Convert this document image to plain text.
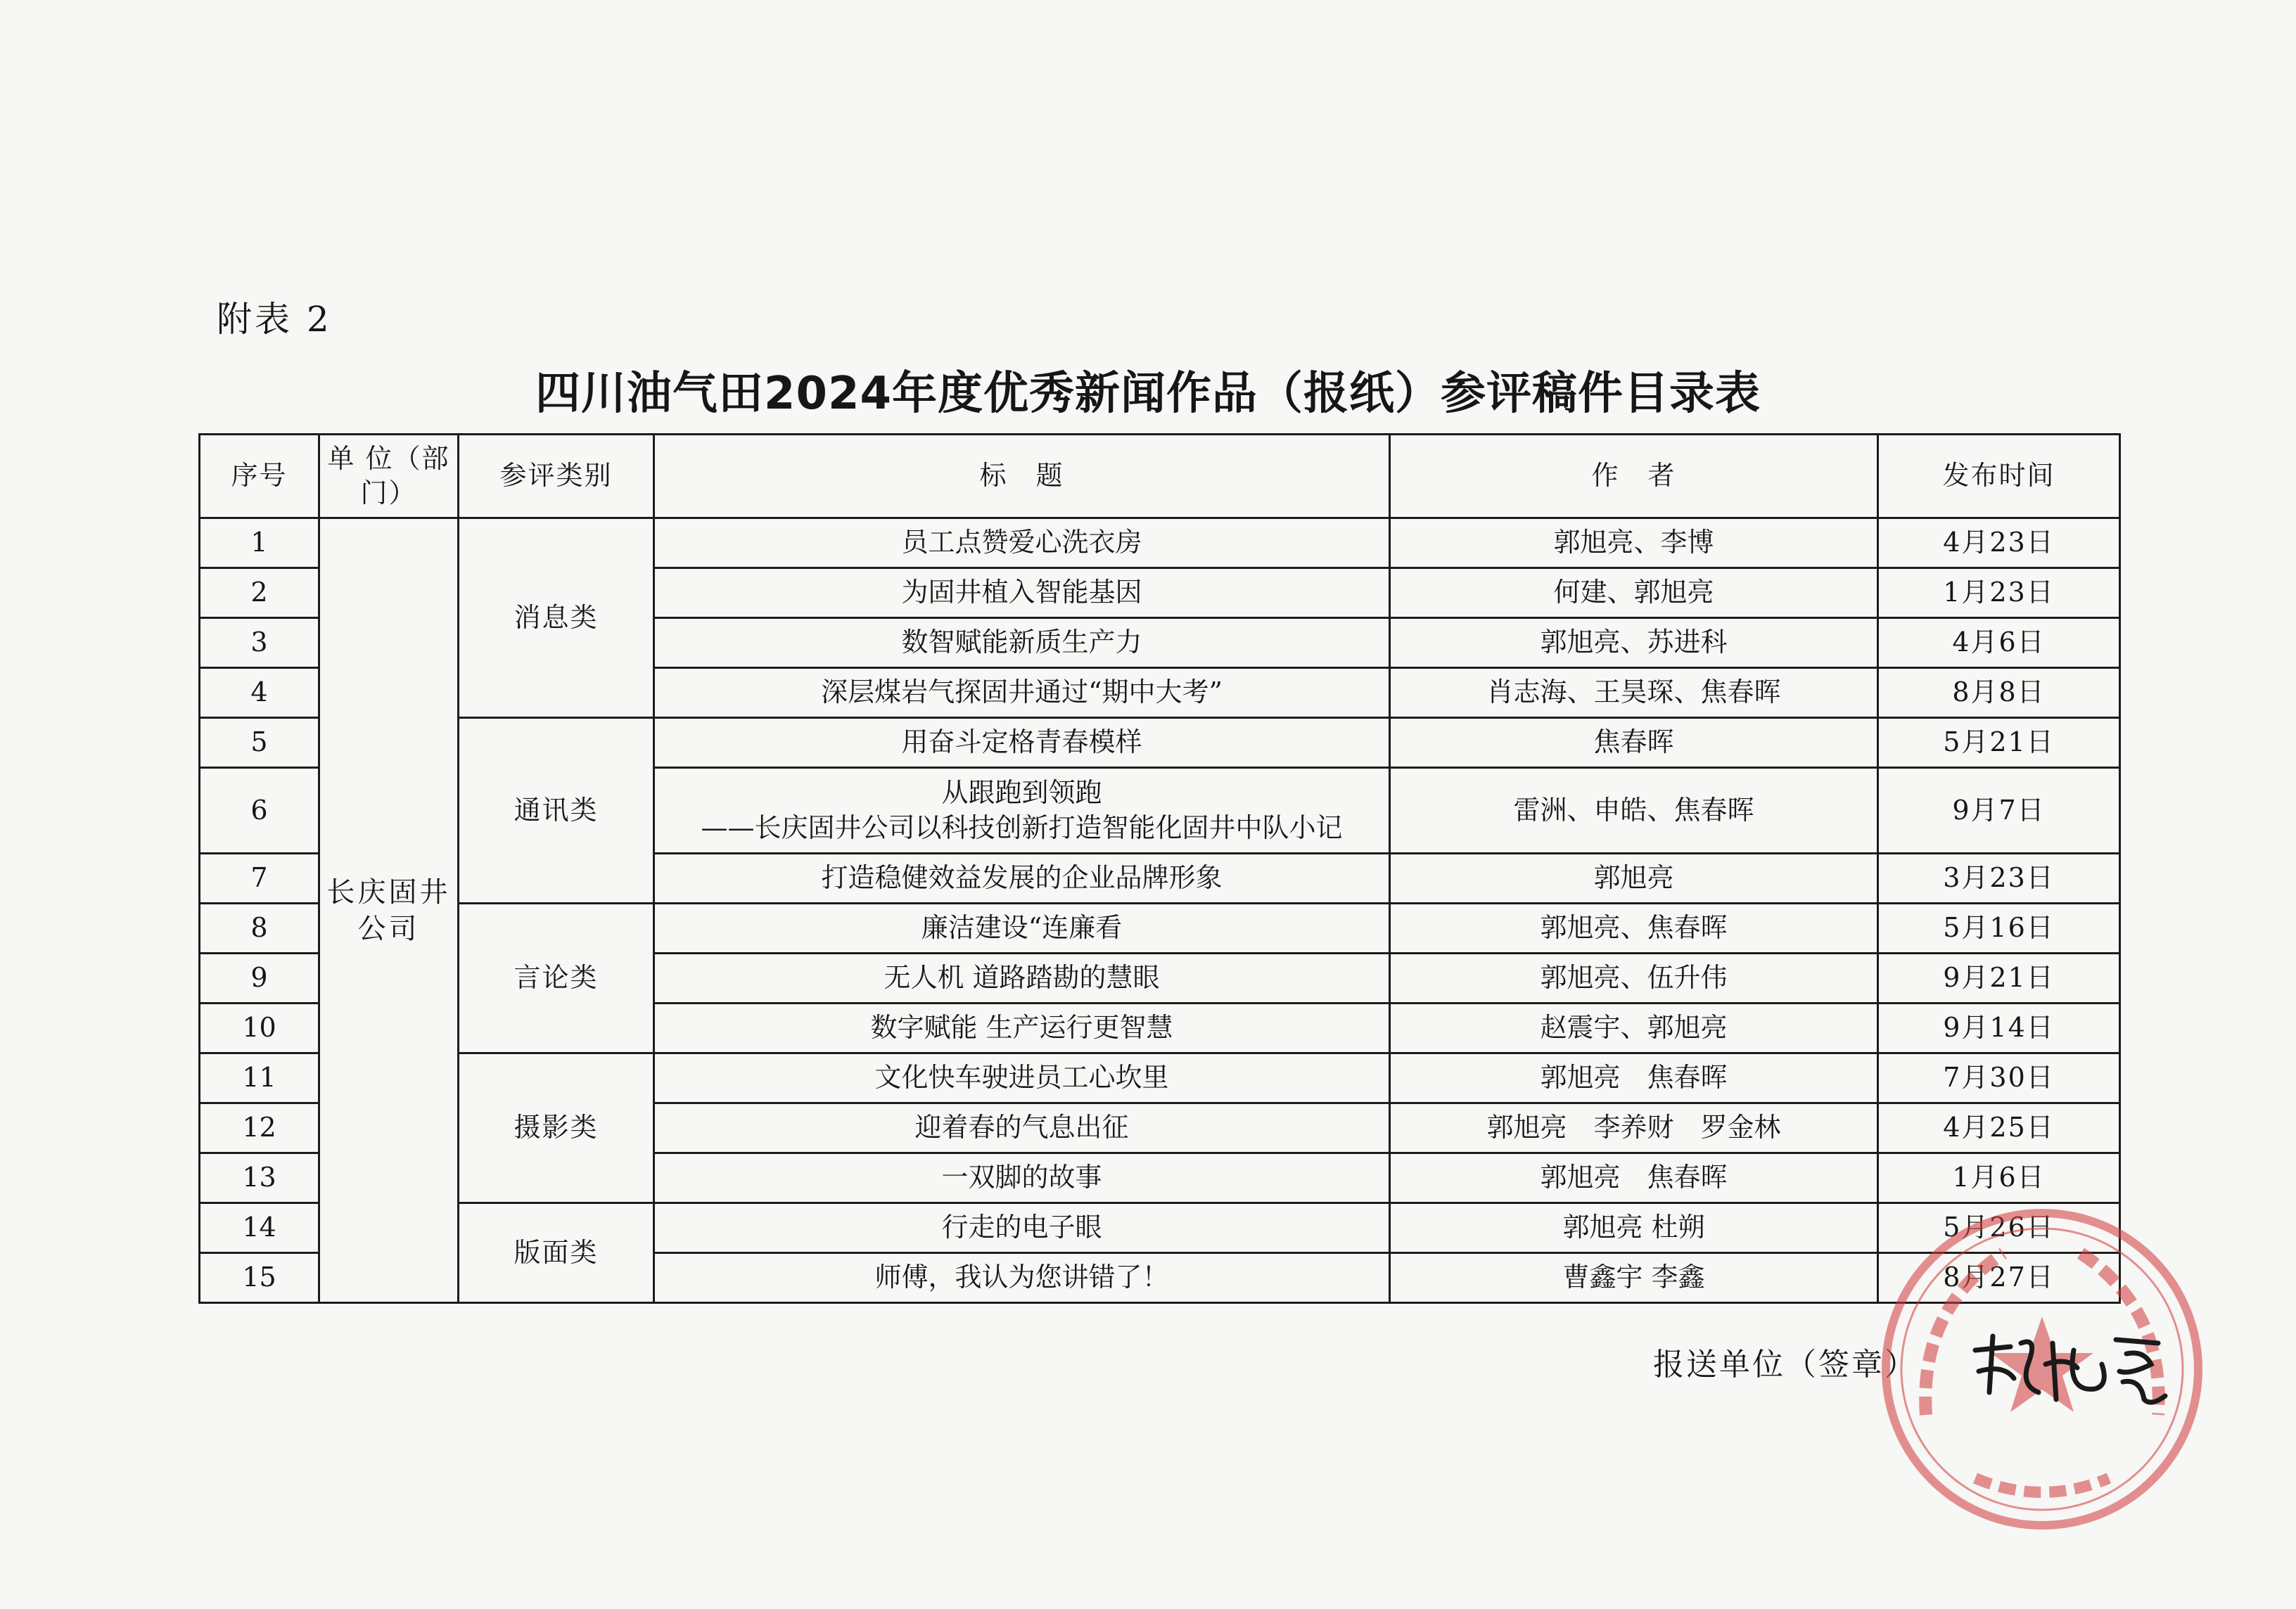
附表 2
四川油气田2024年度优秀新闻作品（报纸）参评稿件目录表
序号	单 位（部门）	参评类别	标　题	作　者	发布时间
1	长庆固井公司	消息类	员工点赞爱心洗衣房	郭旭亮、李博	4月23日
2			为固井植入智能基因	何建、郭旭亮	1月23日
3			数智赋能新质生产力	郭旭亮、苏进科	4月6日
4			深层煤岩气探固井通过“期中大考”	肖志海、王昊琛、焦春晖	8月8日
5		通讯类	用奋斗定格青春模样	焦春晖	5月21日
6			从跟跑到领跑
——长庆固井公司以科技创新打造智能化固井中队小记	雷洲、申皓、焦春晖	9月7日
7			打造稳健效益发展的企业品牌形象	郭旭亮	3月23日
8		言论类	廉洁建设“连廉看	郭旭亮、焦春晖	5月16日
9			无人机 道路踏勘的慧眼	郭旭亮、伍升伟	9月21日
10			数字赋能 生产运行更智慧	赵震宇、郭旭亮	9月14日
11		摄影类	文化快车驶进员工心坎里	郭旭亮　焦春晖	7月30日
12			迎着春的气息出征	郭旭亮　李养财　罗金林	4月25日
13			一双脚的故事	郭旭亮　焦春晖	1月6日
14		版面类	行走的电子眼	郭旭亮 杜朔	5月26日
15			师傅，我认为您讲错了！	曹鑫宇 李鑫	8月27日
报送单位（签章）
